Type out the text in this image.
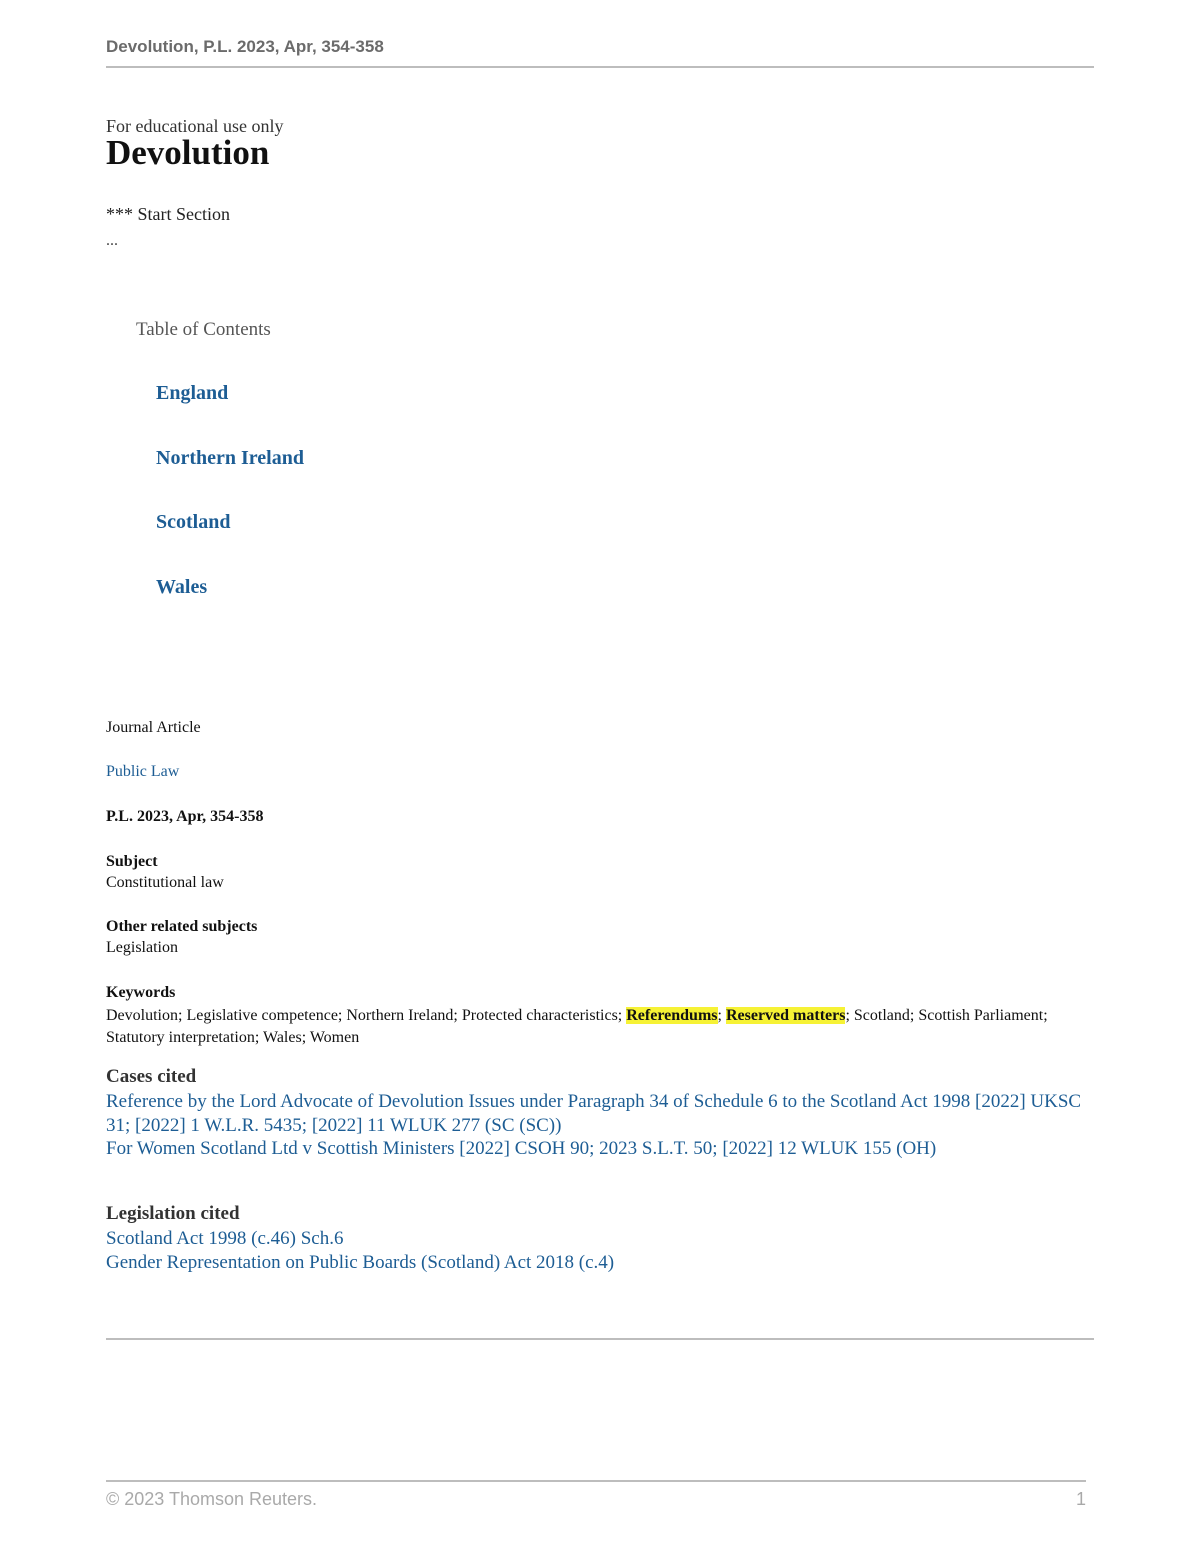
Devolution, P.L. 2023, Apr, 354-358
For educational use only
Devolution
*** Start Section
...
Table of Contents
England
Northern Ireland
Scotland
Wales
Journal Article
Public Law
P.L. 2023, Apr, 354-358
Subject
Constitutional law
Other related subjects
Legislation
Keywords
Devolution; Legislative competence; Northern Ireland; Protected characteristics; Referendums; Reserved matters; Scotland; Scottish Parliament; Statutory interpretation; Wales; Women
Cases cited
Reference by the Lord Advocate of Devolution Issues under Paragraph 34 of Schedule 6 to the Scotland Act 1998 [2022] UKSC 31; [2022] 1 W.L.R. 5435; [2022] 11 WLUK 277 (SC (SC))
For Women Scotland Ltd v Scottish Ministers [2022] CSOH 90; 2023 S.L.T. 50; [2022] 12 WLUK 155 (OH)
Legislation cited
Scotland Act 1998 (c.46) Sch.6
Gender Representation on Public Boards (Scotland) Act 2018 (c.4)
© 2023 Thomson Reuters.	1
